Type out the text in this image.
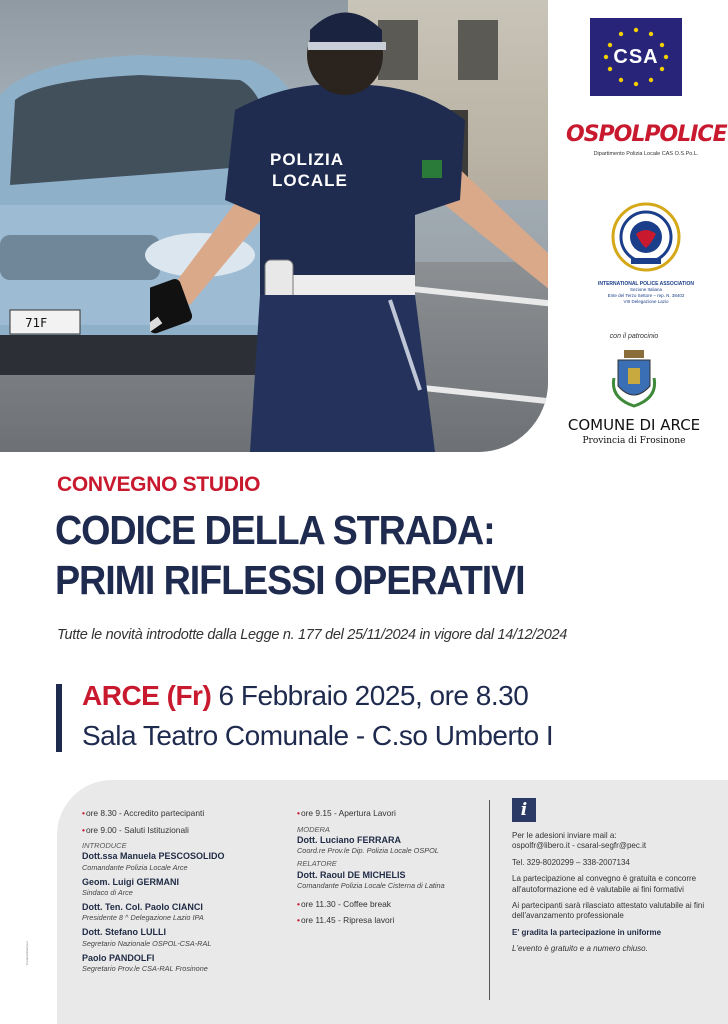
71F
POLIZIA
LOCALE
CSA
OSPOLPOLICE
Dipartimento Polizia Locale CAS O.S.Po.L.
INTERNATIONAL POLICE ASSOCIATION
Sezione Italiana
Ente del Terzo Settore – rep. N. 38402
VIII Delegazione Lazio
con il patrocinio
COMUNE DI ARCE
Provincia di Frosinone
CONVEGNO STUDIO
CODICE DELLA STRADA:
PRIMI RIFLESSI OPERATIVI
Tutte le novità introdotte dalla Legge n. 177 del 25/11/2024 in vigore dal 14/12/2024
ARCE (Fr) 6 Febbraio 2025, ore 8.30
Sala Teatro Comunale - C.so Umberto I
•ore 8.30 - Accredito partecipanti
•ore 9.00 - Saluti Istituzionali
INTRODUCE
Dott.ssa Manuela PESCOSOLIDO
Comandante Polizia Locale Arce
Geom. Luigi GERMANI
Sindaco di Arce
Dott. Ten. Col. Paolo CIANCI
Presidente 8 ^ Delegazione Lazio IPA
Dott. Stefano LULLI
Segretario Nazionale OSPOL-CSA-RAL
Paolo PANDOLFI
Segretario Prov.le CSA-RAL Frosinone
•ore 9.15 - Apertura Lavori
MODERA
Dott. Luciano FERRARA
Coord.re Prov.le Dip. Polizia Locale OSPOL
RELATORE
Dott. Raoul DE MICHELIS
Comandante Polizia Locale Cisterna di Latina
•ore 11.30 - Coffee break
•ore 11.45 - Ripresa lavori
i
Per le adesioni inviare mail a:
ospolfr@libero.it - csaral-segfr@pec.it
Tel. 329-8020299 – 338-2007134
La partecipazione al convegno è gratuita e concorre all'autoformazione ed è valutabile ai fini formativi
Ai partecipanti sarà rilasciato attestato valutabile ai fini dell'avanzamento professionale
E' gradita la partecipazione in uniforme
L'evento è gratuito e a numero chiuso.
CreativeStampa.it
